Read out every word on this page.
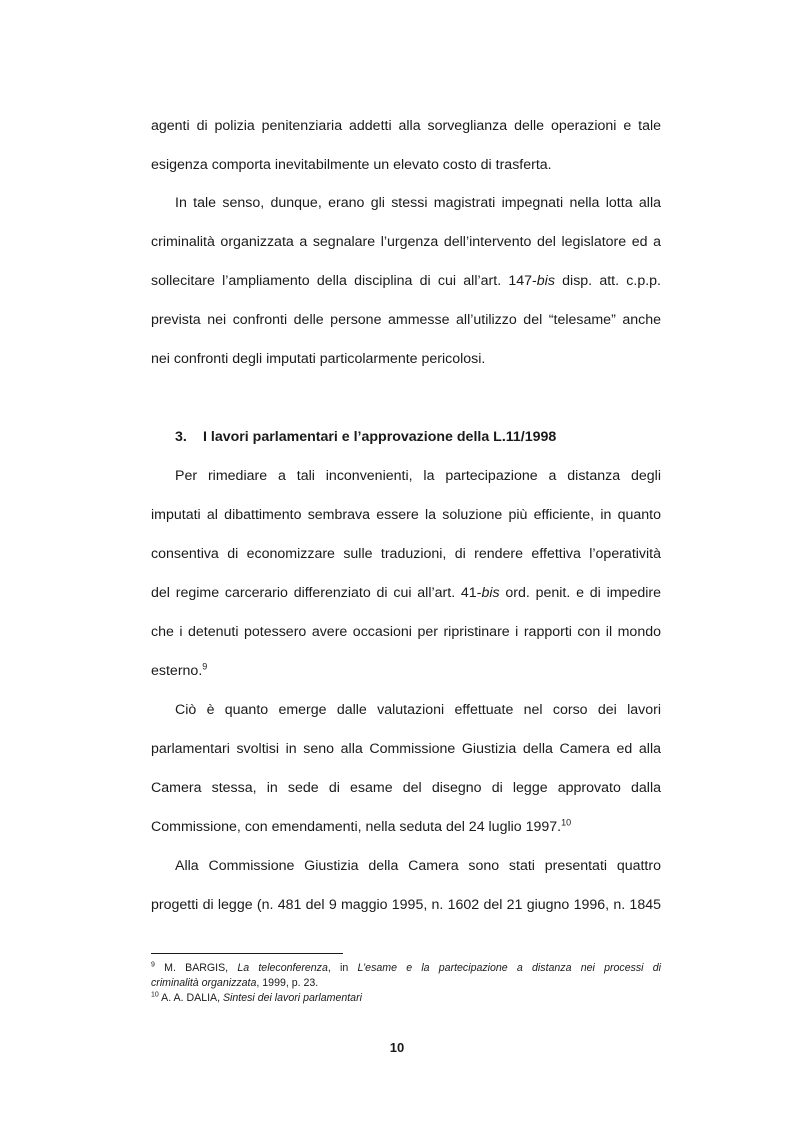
agenti di polizia penitenziaria addetti alla sorveglianza delle operazioni e tale
esigenza comporta inevitabilmente un elevato costo di trasferta.
In tale senso, dunque, erano gli stessi magistrati impegnati nella lotta alla
criminalità organizzata a segnalare l’urgenza dell’intervento del legislatore ed a
sollecitare l’ampliamento della disciplina di cui all’art. 147-bis disp. att. c.p.p.
prevista nei confronti delle persone ammesse all’utilizzo del “telesame” anche
nei confronti degli imputati particolarmente pericolosi.
3. I lavori parlamentari e l’approvazione della L.11/1998
Per rimediare a tali inconvenienti, la partecipazione a distanza degli
imputati al dibattimento sembrava essere la soluzione più efficiente, in quanto
consentiva di economizzare sulle traduzioni, di rendere effettiva l’operatività
del regime carcerario differenziato di cui all’art. 41-bis ord. penit. e di impedire
che i detenuti potessero avere occasioni per ripristinare i rapporti con il mondo
esterno.$^9$
Ciò è quanto emerge dalle valutazioni effettuate nel corso dei lavori
parlamentari svoltisi in seno alla Commissione Giustizia della Camera ed alla
Camera stessa, in sede di esame del disegno di legge approvato dalla
Commissione, con emendamenti, nella seduta del 24 luglio 1997.10
Alla Commissione Giustizia della Camera sono stati presentati quattro
progetti di legge (n. 481 del 9 maggio 1995, n. 1602 del 21 giugno 1996, n. 1845
$^9$ M. BARGIS, La teleconferenza, in L’esame e la partecipazione a distanza nei processi di
criminalità organizzata, 1999, p. 23.
$^{10}$ A. A. DALIA, Sintesi dei lavori parlamentari
10
